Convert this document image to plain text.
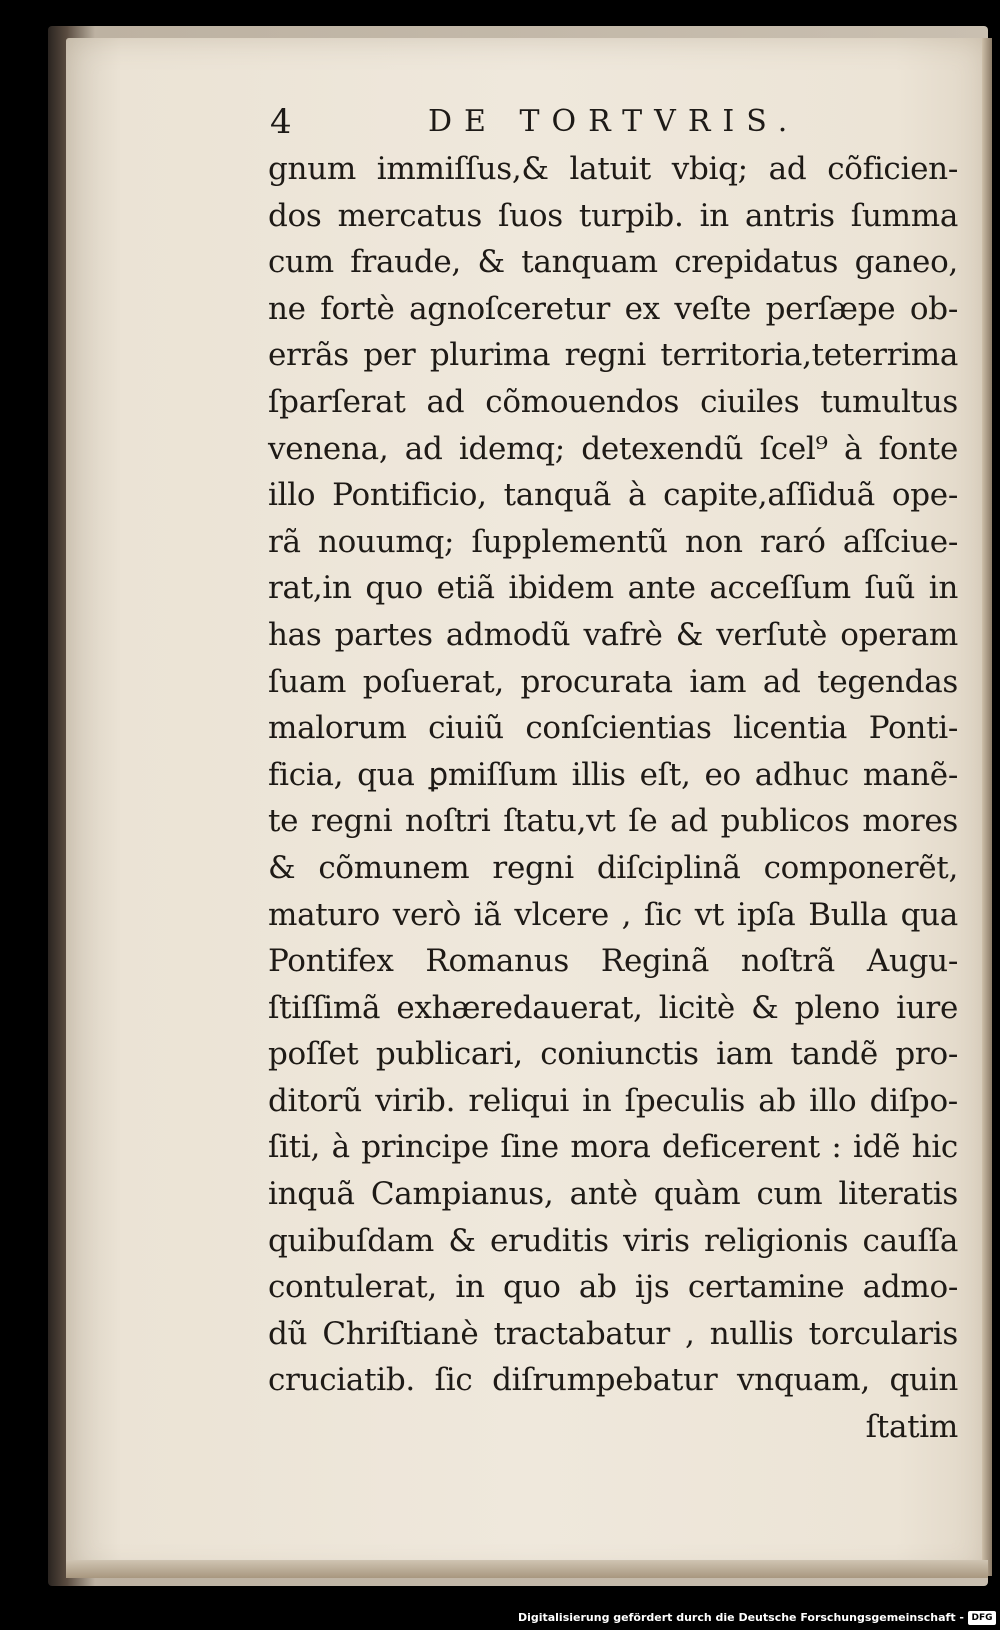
4	DE TORTVRIS.
gnum immiſſus,& latuit vbiq; ad cõficien-
dos mercatus ſuos turpib. in antris ſumma
cum fraude, & tanquam crepidatus ganeo,
ne fortè agnoſceretur ex veſte perſæpe ob-
errãs per plurima regni territoria,teterrima
ſparſerat ad cõmouendos ciuiles tumultus
venena, ad idemq; detexendũ ſcel⁹ à fonte
illo Pontificio, tanquã à capite,aſſiduã ope-
rã nouumq; ſupplementũ non raró aſſciue-
rat,in quo etiã ibidem ante acceſſum ſuũ in
has partes admodũ vafrè & verſutè operam
ſuam poſuerat, procurata iam ad tegendas
malorum ciuiũ conſcientias licentia Ponti-
ficia, qua ꝑmiſſum illis eſt, eo adhuc manẽ-
te regni noſtri ſtatu,vt ſe ad publicos mores
& cõmunem regni diſciplinã componerẽt,
maturo verò iã vlcere , ſic vt ipſa Bulla qua
Pontifex Romanus Reginã noſtrã Augu-
ſtiſſimã exhæredauerat, licitè & pleno iure
poſſet publicari, coniunctis iam tandẽ pro-
ditorũ virib. reliqui in ſpeculis ab illo diſpo-
ſiti, à principe ſine mora deficerent : idẽ hic
inquã Campianus, antè quàm cum literatis
quibuſdam & eruditis viris religionis cauſſa
contulerat, in quo ab ijs certamine admo-
dũ Chriſtianè tractabatur , nullis torcularis
cruciatib. ſic diſrumpebatur vnquam, quin
ſtatim
Digitalisierung gefördert durch die Deutsche Forschungsgemeinschaft - DFG
